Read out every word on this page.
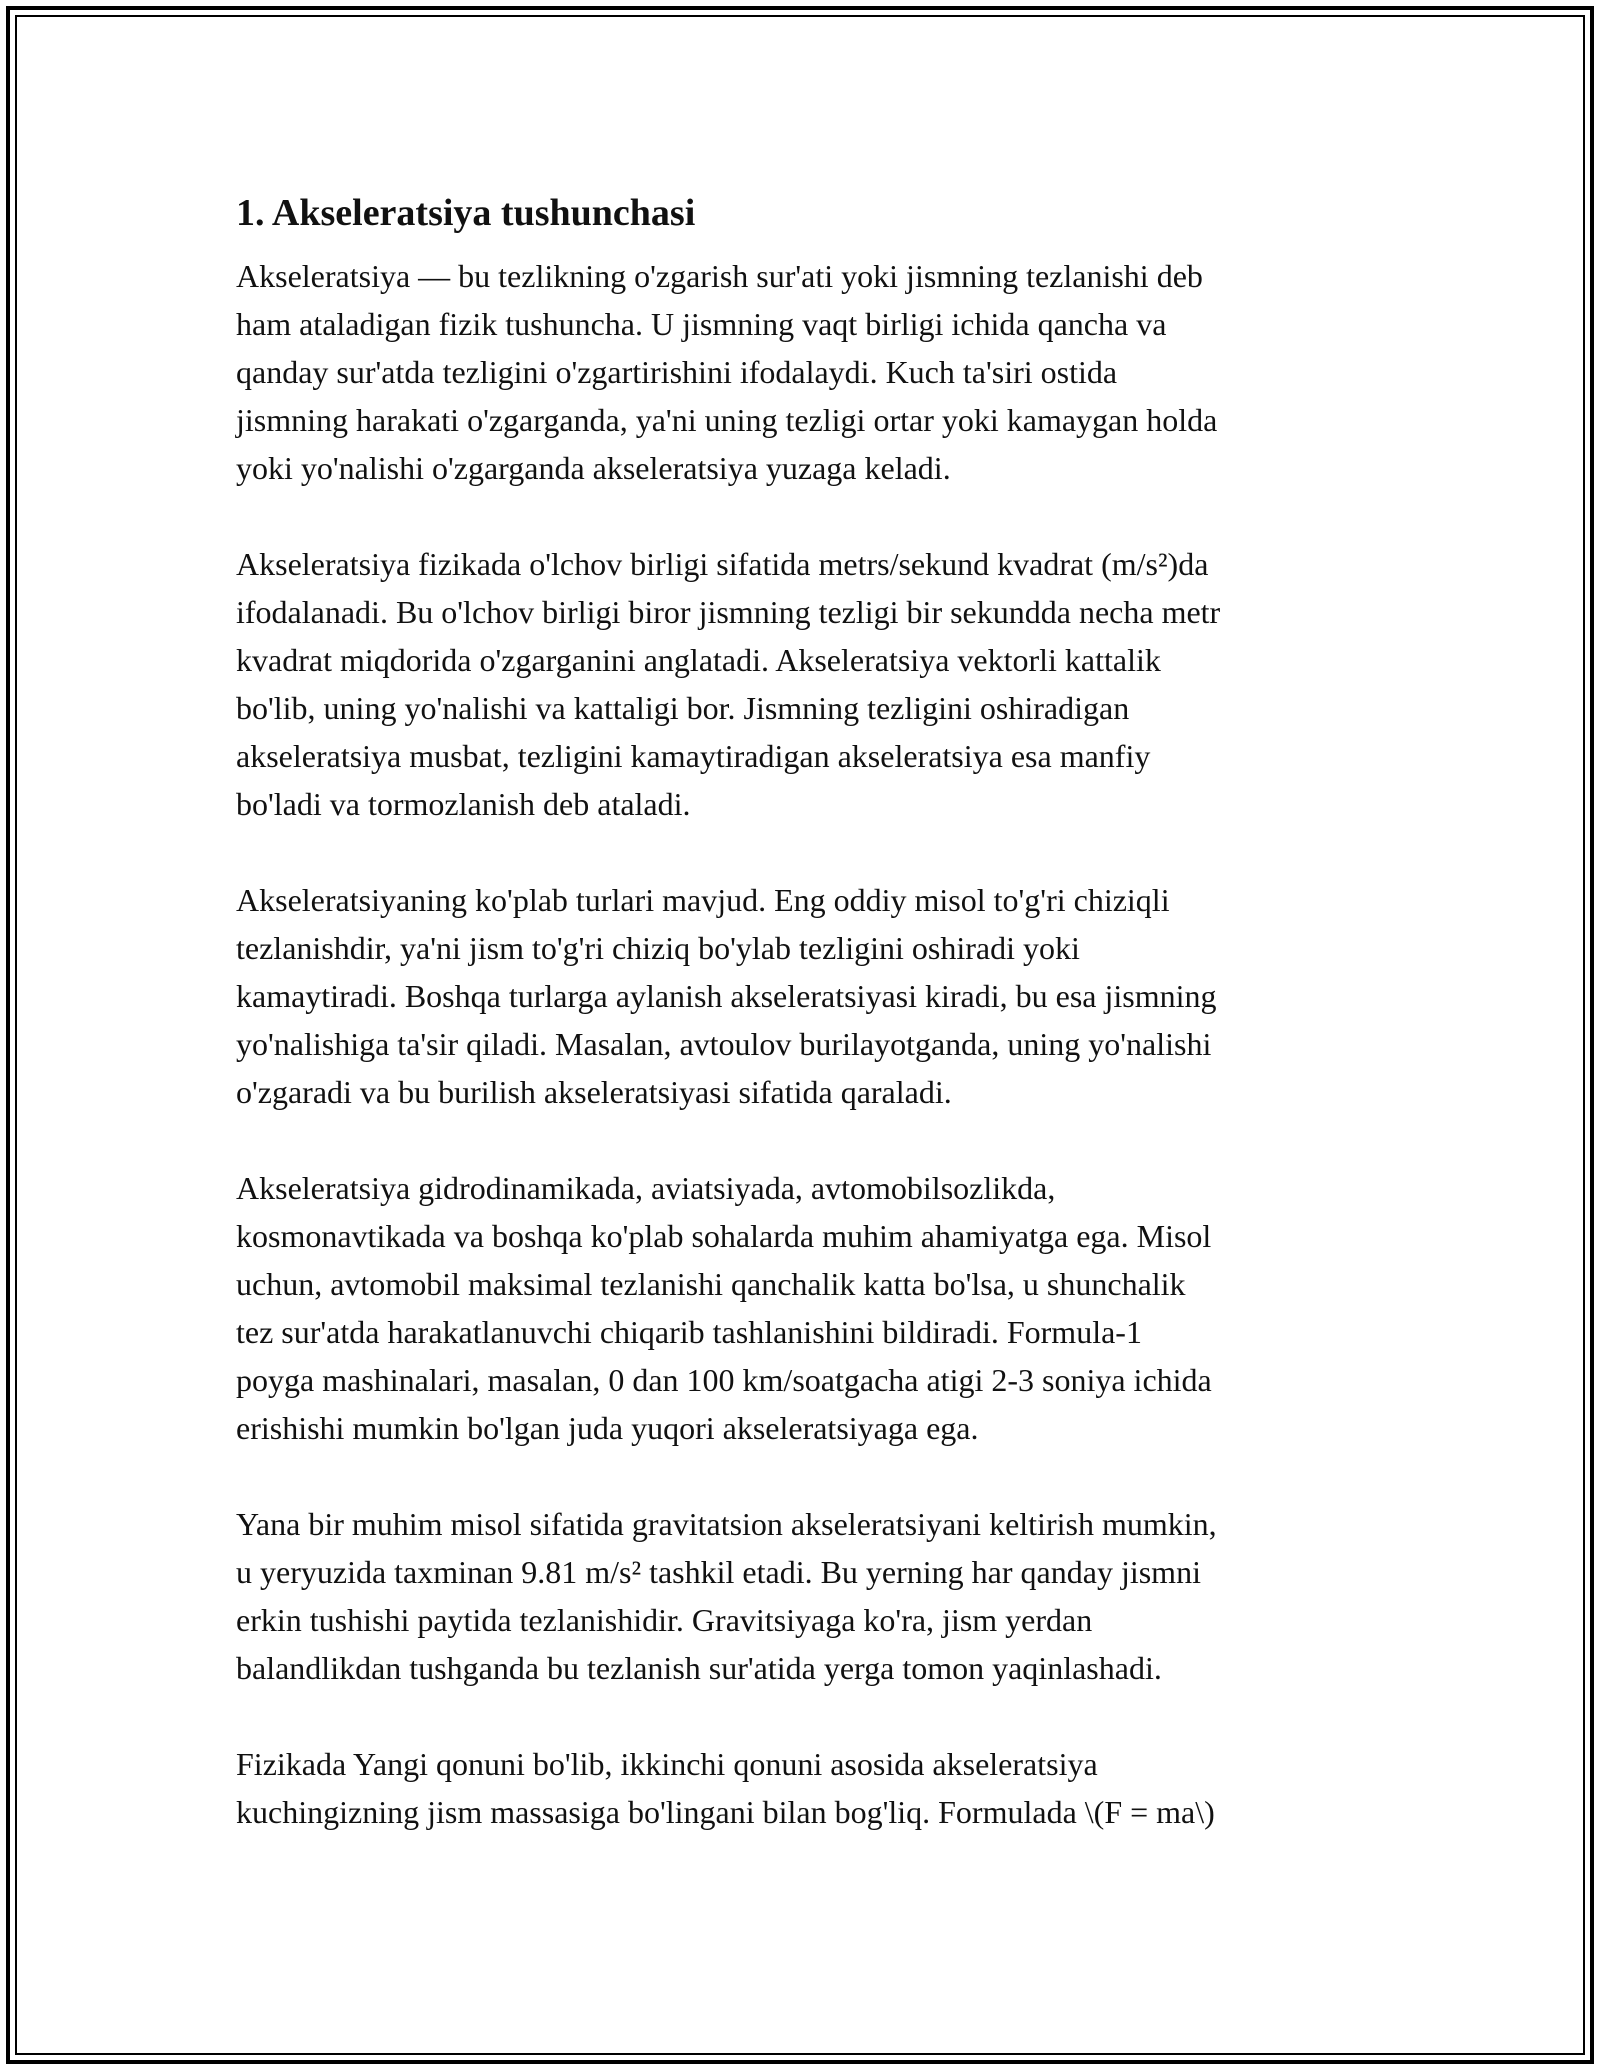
1. Akseleratsiya tushunchasi

Akseleratsiya — bu tezlikning o'zgarish sur'ati yoki jismning tezlanishi deb
ham ataladigan fizik tushuncha. U jismning vaqt birligi ichida qancha va
qanday sur'atda tezligini o'zgartirishini ifodalaydi. Kuch ta'siri ostida
jismning harakati o'zgarganda, ya'ni uning tezligi ortar yoki kamaygan holda
yoki yo'nalishi o'zgarganda akseleratsiya yuzaga keladi.

Akseleratsiya fizikada o'lchov birligi sifatida metrs/sekund kvadrat (m/s²)da
ifodalanadi. Bu o'lchov birligi biror jismning tezligi bir sekundda necha metr
kvadrat miqdorida o'zgarganini anglatadi. Akseleratsiya vektorli kattalik
bo'lib, uning yo'nalishi va kattaligi bor. Jismning tezligini oshiradigan
akseleratsiya musbat, tezligini kamaytiradigan akseleratsiya esa manfiy
bo'ladi va tormozlanish deb ataladi.

Akseleratsiyaning ko'plab turlari mavjud. Eng oddiy misol to'g'ri chiziqli
tezlanishdir, ya'ni jism to'g'ri chiziq bo'ylab tezligini oshiradi yoki
kamaytiradi. Boshqa turlarga aylanish akseleratsiyasi kiradi, bu esa jismning
yo'nalishiga ta'sir qiladi. Masalan, avtoulov burilayotganda, uning yo'nalishi
o'zgaradi va bu burilish akseleratsiyasi sifatida qaraladi.

Akseleratsiya gidrodinamikada, aviatsiyada, avtomobilsozlikda,
kosmonavtikada va boshqa ko'plab sohalarda muhim ahamiyatga ega. Misol
uchun, avtomobil maksimal tezlanishi qanchalik katta bo'lsa, u shunchalik
tez sur'atda harakatlanuvchi chiqarib tashlanishini bildiradi. Formula-1
poyga mashinalari, masalan, 0 dan 100 km/soatgacha atigi 2-3 soniya ichida
erishishi mumkin bo'lgan juda yuqori akseleratsiyaga ega.

Yana bir muhim misol sifatida gravitatsion akseleratsiyani keltirish mumkin,
u yeryuzida taxminan 9.81 m/s² tashkil etadi. Bu yerning har qanday jismni
erkin tushishi paytida tezlanishidir. Gravitsiyaga ko'ra, jism yerdan
balandlikdan tushganda bu tezlanish sur'atida yerga tomon yaqinlashadi.

Fizikada Yangi qonuni bo'lib, ikkinchi qonuni asosida akseleratsiya
kuchingizning jism massasiga bo'lingani bilan bog'liq. Formulada \(F = ma\)
